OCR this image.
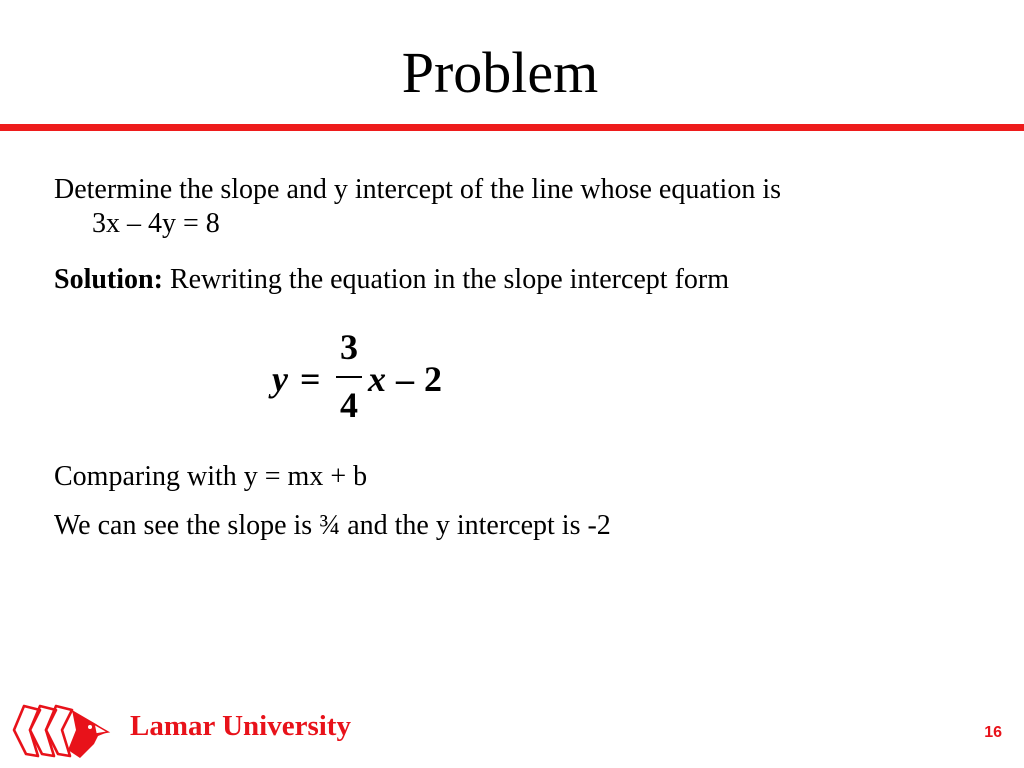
Problem
Determine the slope and y intercept of the line whose equation is
3x – 4y = 8
Solution: Rewriting the equation in the slope intercept form
y =
3
4
x – 2
Comparing with y = mx + b
We can see the slope is ¾ and the y intercept is -2
Lamar University	16
